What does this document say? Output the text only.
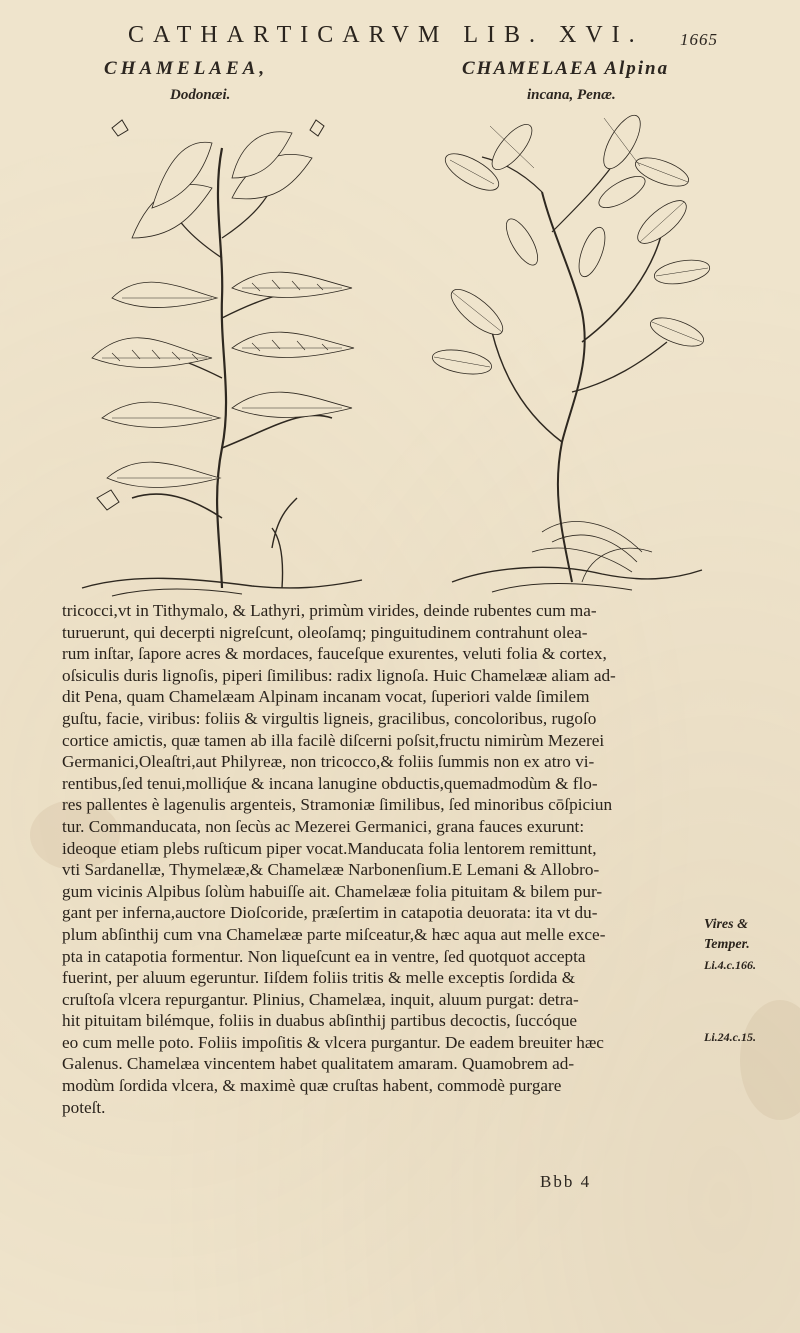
CATHARTICARVM LIB. XVI. 1665
CHAMELAEA,
Dodonæi.
CHAMELAEA Alpina
incana, Penæ.
tricocci,vt in Tithymalo, & Lathyri, primùm virides, deinde rubentes cum ma-
turuerunt, qui decerpti nigreſcunt, oleoſamq; pinguitudinem contrahunt olea-
rum inſtar, ſapore acres & mordaces, fauceſque exurentes, veluti folia & cortex,
oſsiculis duris lignoſis, piperi ſimilibus: radix lignoſa. Huic Chamelææ aliam ad-
dit Pena, quam Chamelæam Alpinam incanam vocat, ſuperiori valde ſimilem
guſtu, facie, viribus: foliis & virgultis ligneis, gracilibus, concoloribus, rugoſo
cortice amictis, quæ tamen ab illa facilè diſcerni poſsit,fructu nimirùm Mezerei
Germanici,Oleaſtri,aut Philyreæ, non tricocco,& foliis ſummis non ex atro vi-
rentibus,ſed tenui,molliq́ue & incana lanugine obductis,quemadmodùm & flo-
res pallentes è lagenulis argenteis, Stramoniæ ſimilibus, ſed minoribus cōſpiciun
tur. Commanducata, non ſecùs ac Mezerei Germanici, grana fauces exurunt:
ideoque etiam plebs ruſticum piper vocat.Manducata folia lentorem remittunt,
vti Sardanellæ, Thymelææ,& Chamelææ Narbonenſium.E Lemani & Allobro-
gum vicinis Alpibus ſolùm habuiſſe ait. Chamelææ folia pituitam & bilem pur-
gant per inferna,auctore Dioſcoride, præſertim in catapotia deuorata: ita vt du-
plum abſinthij cum vna Chamelææ parte miſceatur,& hæc aqua aut melle exce-
pta in catapotia formentur. Non liqueſcunt ea in ventre, ſed quotquot accepta
fuerint, per aluum egeruntur. Iiſdem foliis tritis & melle exceptis ſordida &
cruſtoſa vlcera repurgantur. Plinius, Chamelæa, inquit, aluum purgat: detra-
hit pituitam bilémque, foliis in duabus abſinthij partibus decoctis, ſuccóque
eo cum melle poto. Foliis impoſitis & vlcera purgantur. De eadem breuiter hæc
Galenus. Chamelæa vincentem habet qualitatem amaram. Quamobrem ad-
modùm ſordida vlcera, & maximè quæ cruſtas habent, commodè purgare
poteſt.
Vires &
Temper.
Li.4.c.166.
Li.24.c.15.
Bbb 4
